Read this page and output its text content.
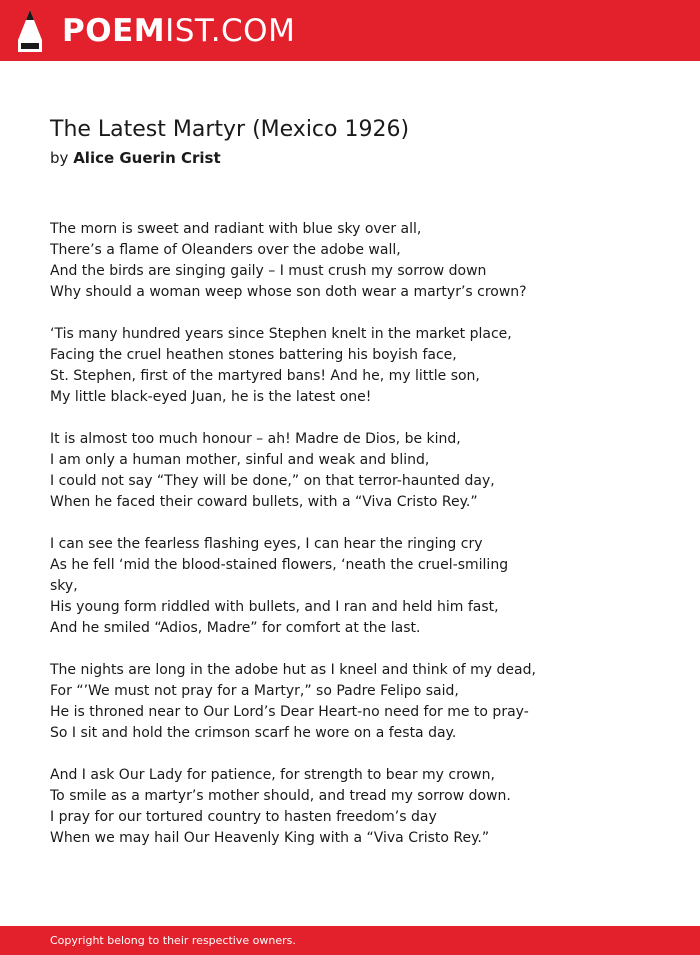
POEMIST.COM
The Latest Martyr (Mexico 1926)
by Alice Guerin Crist
The morn is sweet and radiant with blue sky over all,
There’s a flame of Oleanders over the adobe wall,
And the birds are singing gaily – I must crush my sorrow down
Why should a woman weep whose son doth wear a martyr’s crown?
‘Tis many hundred years since Stephen knelt in the market place,
Facing the cruel heathen stones battering his boyish face,
St. Stephen, first of the martyred bans! And he, my little son,
My little black-eyed Juan, he is the latest one!
It is almost too much honour – ah! Madre de Dios, be kind,
I am only a human mother, sinful and weak and blind,
I could not say “They will be done,” on that terror-haunted day,
When he faced their coward bullets, with a “Viva Cristo Rey.”
I can see the fearless flashing eyes, I can hear the ringing cry
As he fell ‘mid the blood-stained flowers, ‘neath the cruel-smiling sky,
His young form riddled with bullets, and I ran and held him fast,
And he smiled “Adios, Madre” for comfort at the last.
The nights are long in the adobe hut as I kneel and think of my dead,
For “’We must not pray for a Martyr,” so Padre Felipo said,
He is throned near to Our Lord’s Dear Heart-no need for me to pray-
So I sit and hold the crimson scarf he wore on a festa day.
And I ask Our Lady for patience, for strength to bear my crown,
To smile as a martyr’s mother should, and tread my sorrow down.
I pray for our tortured country to hasten freedom’s day
When we may hail Our Heavenly King with a “Viva Cristo Rey.”
Copyright belong to their respective owners.
